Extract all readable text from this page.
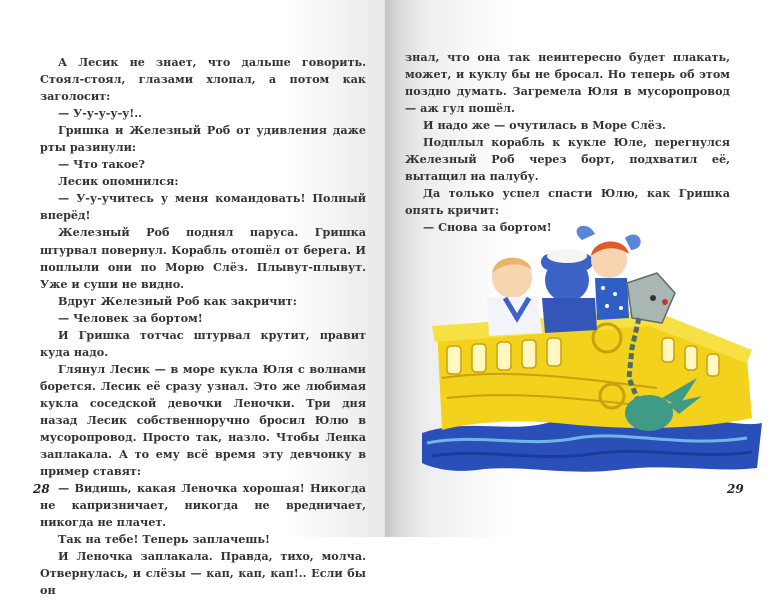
А Лесик не знает, что дальше говорить. Стоял-стоял, глазами хлопал, а потом как заголосит:

— У-у-у-у-у!..

Гришка и Железный Роб от удивления даже рты разинули:

— Что такое?

Лесик опомнился:

— У-у-учитесь у меня командовать! Полный вперёд!

Железный Роб поднял паруса. Гришка штурвал повернул. Корабль отошёл от берега. И поплыли они по Морю Слёз. Плывут-плывут. Уже и суши не видно.

Вдруг Железный Роб как закричит:

— Человек за бортом!

И Гришка тотчас штурвал крутит, правит куда надо.

Глянул Лесик — в море кукла Юля с волнами борется. Лесик её сразу узнал. Это же любимая кукла соседской девочки Леночки. Три дня назад Лесик собственноручно бросил Юлю в мусоропровод. Просто так, назло. Чтобы Ленка заплакала. А то ему всё время эту девчонку в пример ставят:

— Видишь, какая Леночка хорошая! Никогда не капризничает, никогда не вредничает, никогда не плачет.

Так на тебе! Теперь заплачешь!

И Леночка заплакала. Правда, тихо, молча. Отвернулась, и слёзы — кап, кап, кап!.. Если бы он

28

знал, что она так неинтересно будет плакать, может, и куклу бы не бросал. Но теперь об этом поздно думать. Загремела Юля в мусоропровод — аж гул пошёл.

И надо же — очутилась в Море Слёз.

Подплыл корабль к кукле Юле, перегнулся Железный Роб через борт, подхватил её, вытащил на палубу.

Да только успел спасти Юлю, как Гришка опять кричит:

— Снова за бортом!

29
